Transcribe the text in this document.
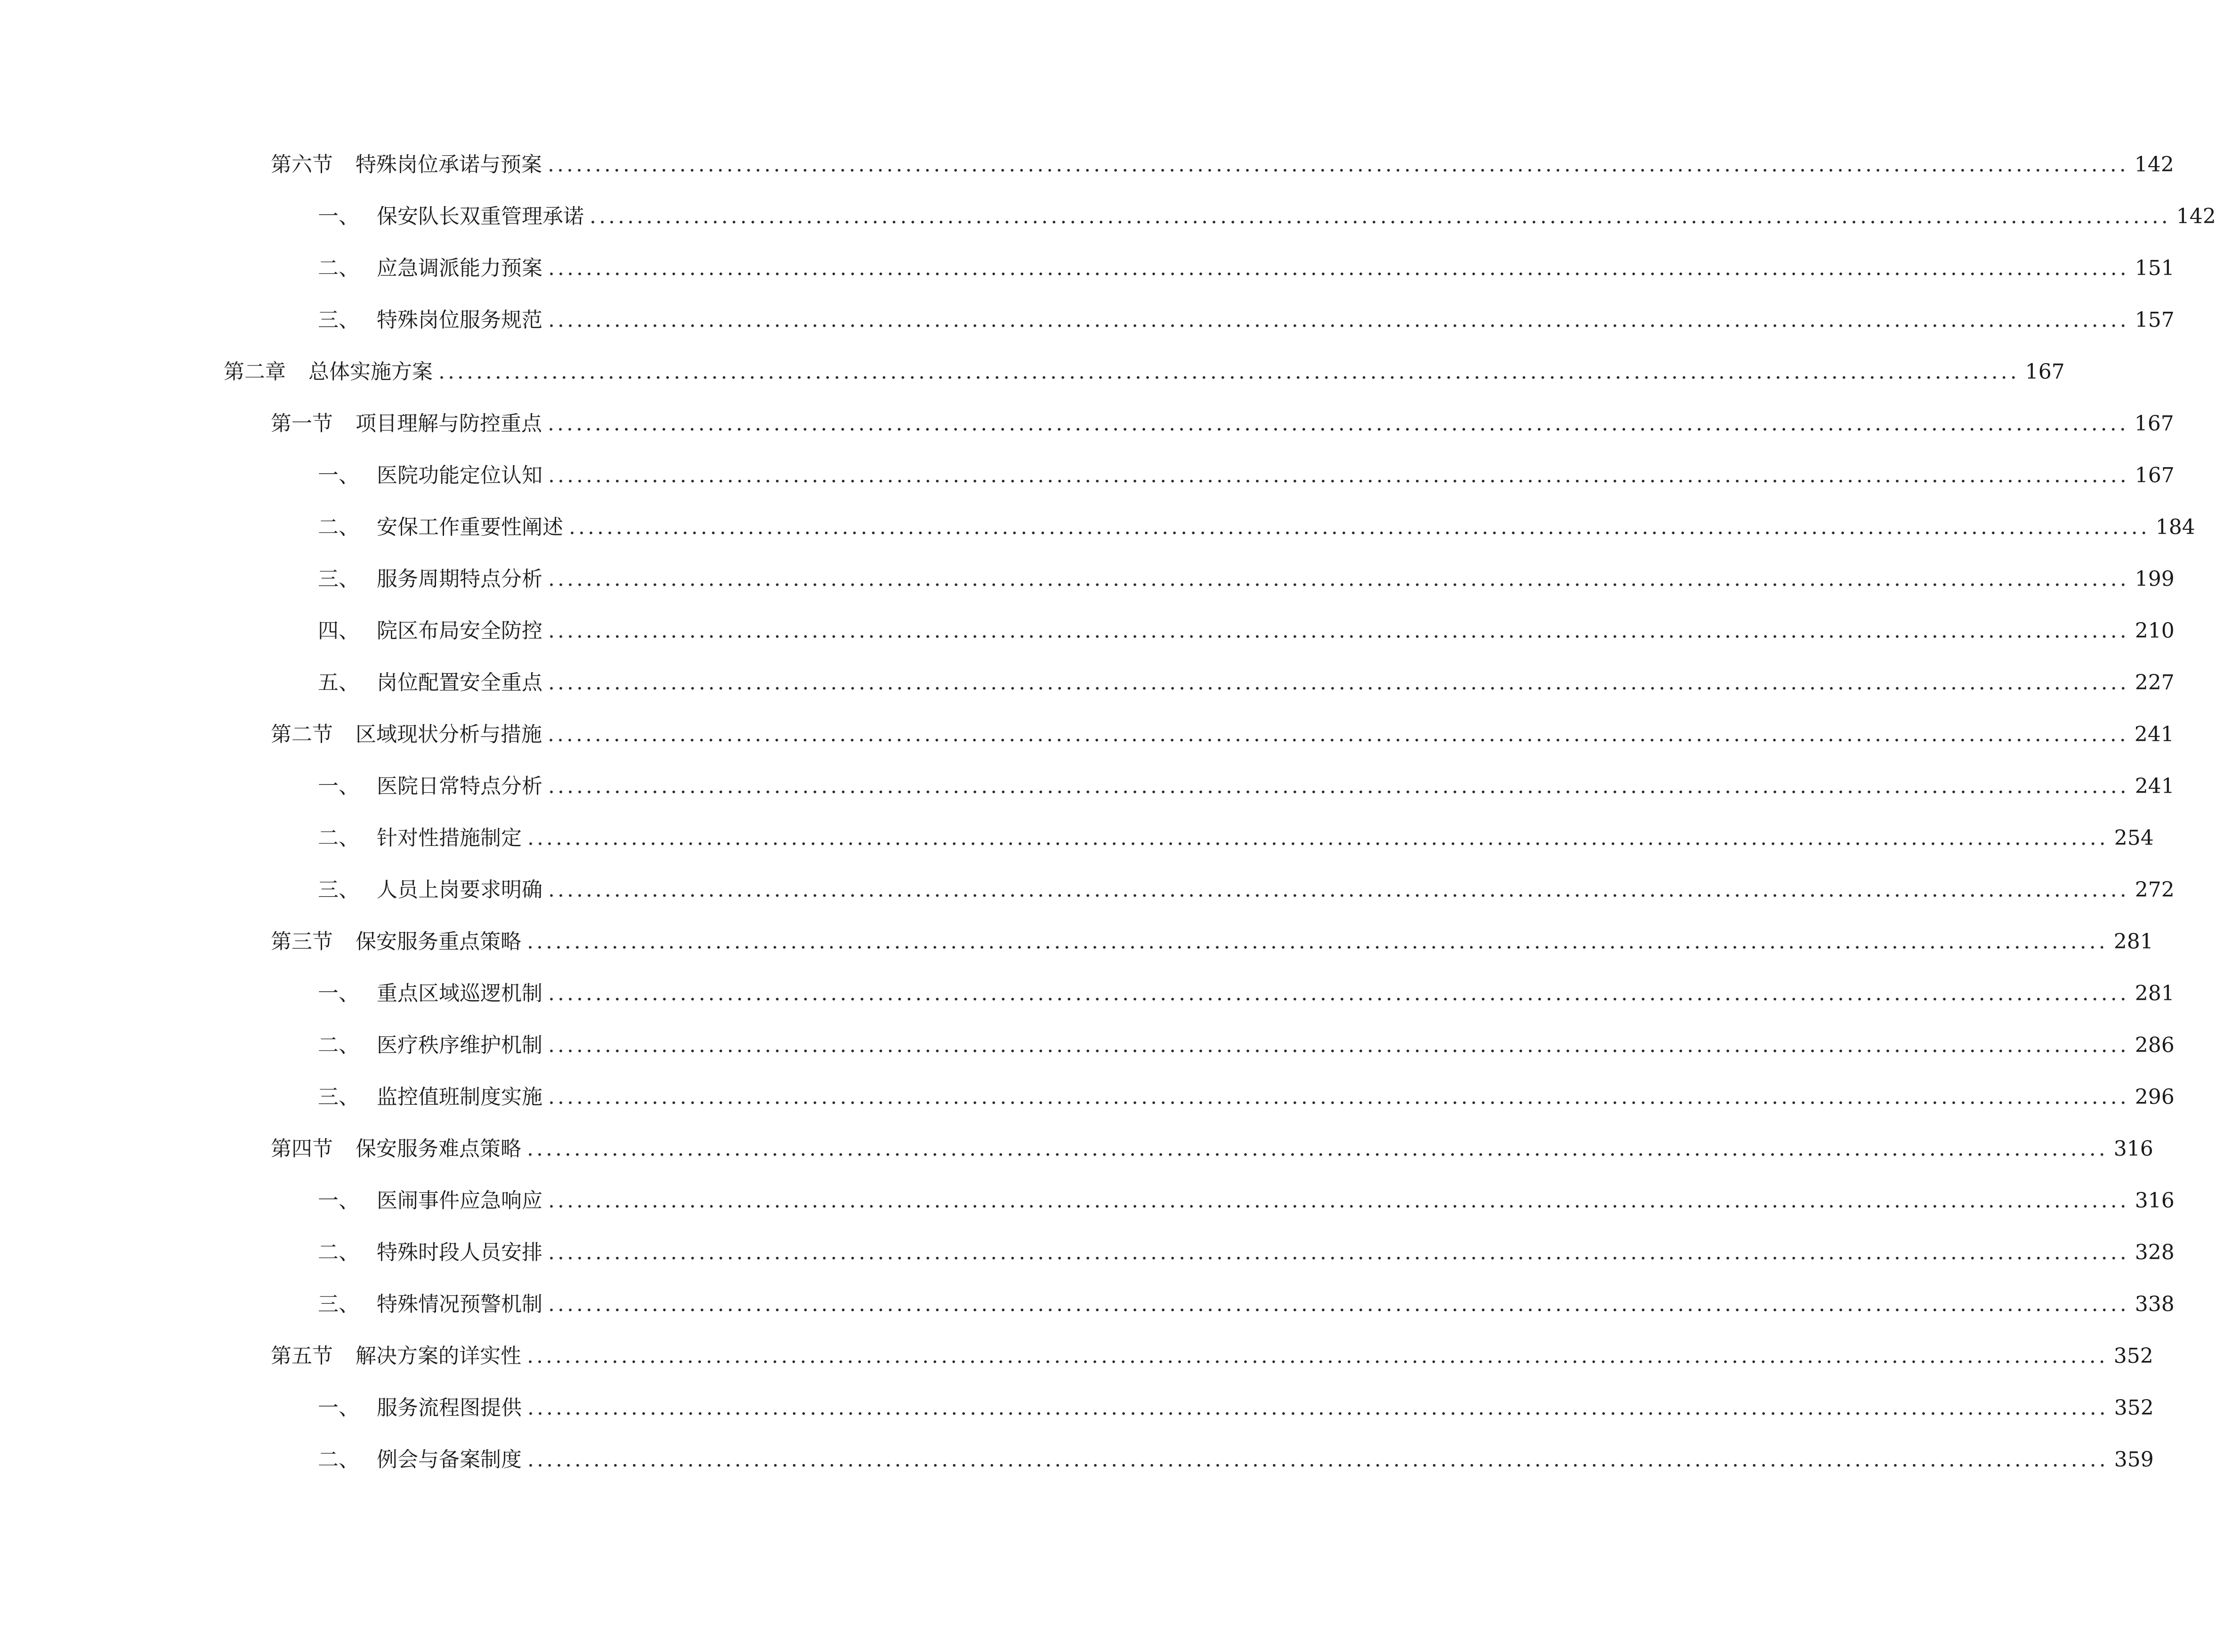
第六节	特殊岗位承诺与预案 ........................................................................................................................................................................ 142
一、 保安队长双重管理承诺 ........................................................................................................................................................................ 142
二、 应急调派能力预案 ........................................................................................................................................................................ 151
三、 特殊岗位服务规范 ........................................................................................................................................................................ 157
第二章	总体实施方案 ........................................................................................................................................................................ 167
第一节	项目理解与防控重点 ........................................................................................................................................................................ 167
一、 医院功能定位认知 ........................................................................................................................................................................ 167
二、 安保工作重要性阐述 ........................................................................................................................................................................ 184
三、 服务周期特点分析 ........................................................................................................................................................................ 199
四、 院区布局安全防控 ........................................................................................................................................................................ 210
五、 岗位配置安全重点 ........................................................................................................................................................................ 227
第二节	区域现状分析与措施 ........................................................................................................................................................................ 241
一、 医院日常特点分析 ........................................................................................................................................................................ 241
二、 针对性措施制定 ........................................................................................................................................................................ 254
三、 人员上岗要求明确 ........................................................................................................................................................................ 272
第三节	保安服务重点策略 ........................................................................................................................................................................ 281
一、 重点区域巡逻机制 ........................................................................................................................................................................ 281
二、 医疗秩序维护机制 ........................................................................................................................................................................ 286
三、 监控值班制度实施 ........................................................................................................................................................................ 296
第四节	保安服务难点策略 ........................................................................................................................................................................ 316
一、 医闹事件应急响应 ........................................................................................................................................................................ 316
二、 特殊时段人员安排 ........................................................................................................................................................................ 328
三、 特殊情况预警机制 ........................................................................................................................................................................ 338
第五节	解决方案的详实性 ........................................................................................................................................................................ 352
一、 服务流程图提供 ........................................................................................................................................................................ 352
二、 例会与备案制度 ........................................................................................................................................................................ 359
